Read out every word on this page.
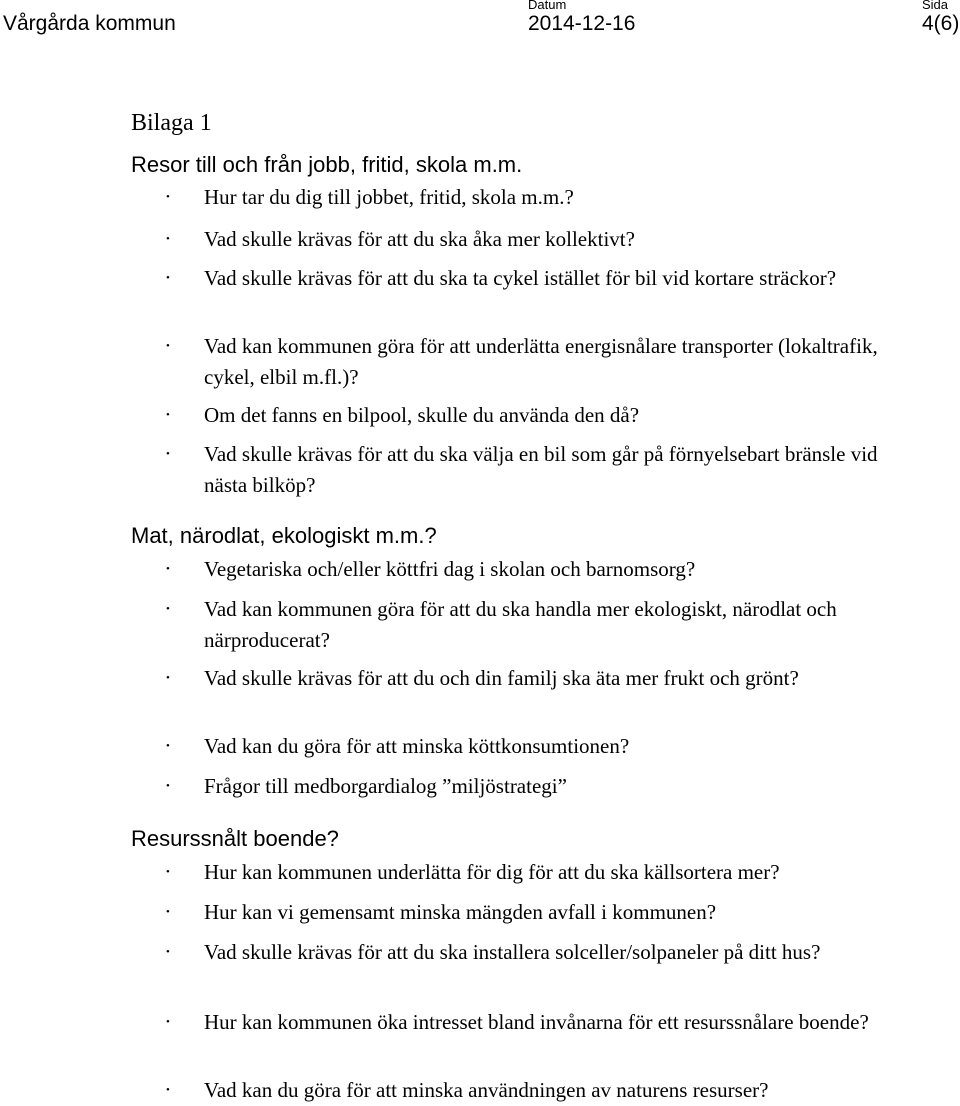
Vårgårda kommun
Datum
2014-12-16
Sida
4(6)
Bilaga 1
Resor till och från jobb, fritid, skola m.m.
•	Hur tar du dig till jobbet, fritid, skola m.m.?
•	Vad skulle krävas för att du ska åka mer kollektivt?
•	Vad skulle krävas för att du ska ta cykel istället för bil vid kortare sträckor?
•	Vad kan kommunen göra för att underlätta energisnålare transporter (lokaltrafik, cykel, elbil m.fl.)?
•	Om det fanns en bilpool, skulle du använda den då?
•	Vad skulle krävas för att du ska välja en bil som går på förnyelsebart bränsle vid nästa bilköp?
Mat, närodlat, ekologiskt m.m.?
•	Vegetariska och/eller köttfri dag i skolan och barnomsorg?
•	Vad kan kommunen göra för att du ska handla mer ekologiskt, närodlat och närproducerat?
•	Vad skulle krävas för att du och din familj ska äta mer frukt och grönt?
•	Vad kan du göra för att minska köttkonsumtionen?
•	Frågor till medborgardialog ”miljöstrategi”
Resurssnålt boende?
•	Hur kan kommunen underlätta för dig för att du ska källsortera mer?
•	Hur kan vi gemensamt minska mängden avfall i kommunen?
•	Vad skulle krävas för att du ska installera solceller/solpaneler på ditt hus?
•	Hur kan kommunen öka intresset bland invånarna för ett resurssnålare boende?
•	Vad kan du göra för att minska användningen av naturens resurser?
